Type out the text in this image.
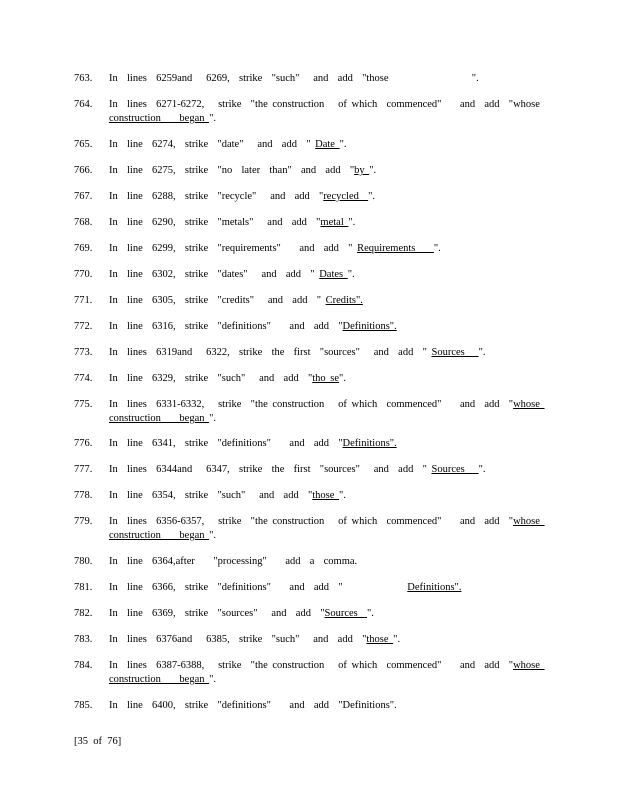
763. In  lines  6259and   6269,  strike  "such"   and  add  "those                  ".
764. In  lines  6271-6272,   strike  "the construction   of which  commenced"    and  add  "whose
construction    began ".
765. In  line  6274,  strike  "date"   and  add  " Date ".
766. In  line  6275,  strike  "no  later  than"  and  add  "by ".
767. In  line  6288,  strike  "recycle"   and  add  "recycled  ".
768. In  line  6290,  strike  "metals"   and  add  "metal ".
769. In  line  6299,  strike  "requirements"    and  add  " Requirements    ".
770. In  line  6302,  strike  "dates"   and  add  " Dates ".
771. In  line  6305,  strike  "credits"   and  add  " Credits".
772. In  line  6316,  strike  "definitions"    and  add  "Definitions".
773. In  lines  6319and   6322,  strike  the  first  "sources"   and  add  " Sources   ".
774. In  line  6329,  strike  "such"   and  add  "tho se".
775. In  lines  6331-6332,   strike  "the construction   of which  commenced"    and  add  "whose
construction    began ".
776. In  line  6341,  strike  "definitions"    and  add  "Definitions".
777. In  lines  6344and   6347,  strike  the  first  "sources"   and  add  " Sources   ".
778. In  line  6354,  strike  "such"   and  add  "those ".
779. In  lines  6356-6357,   strike  "the construction   of which  commenced"    and  add  "whose
construction    began ".
780. In  line  6364,after    "processing"    add  a  comma.
781. In  line  6366,  strike  "definitions"    and  add  "              Definitions".
782. In  line  6369,  strike  "sources"   and  add  "Sources  ".
783. In  lines  6376and   6385,  strike  "such"   and  add  "those ".
784. In  lines  6387-6388,   strike  "the construction   of which  commenced"    and  add  "whose
construction    began ".
785. In  line  6400,  strike  "definitions"    and  add  "Definitions".
[35  of  76]
